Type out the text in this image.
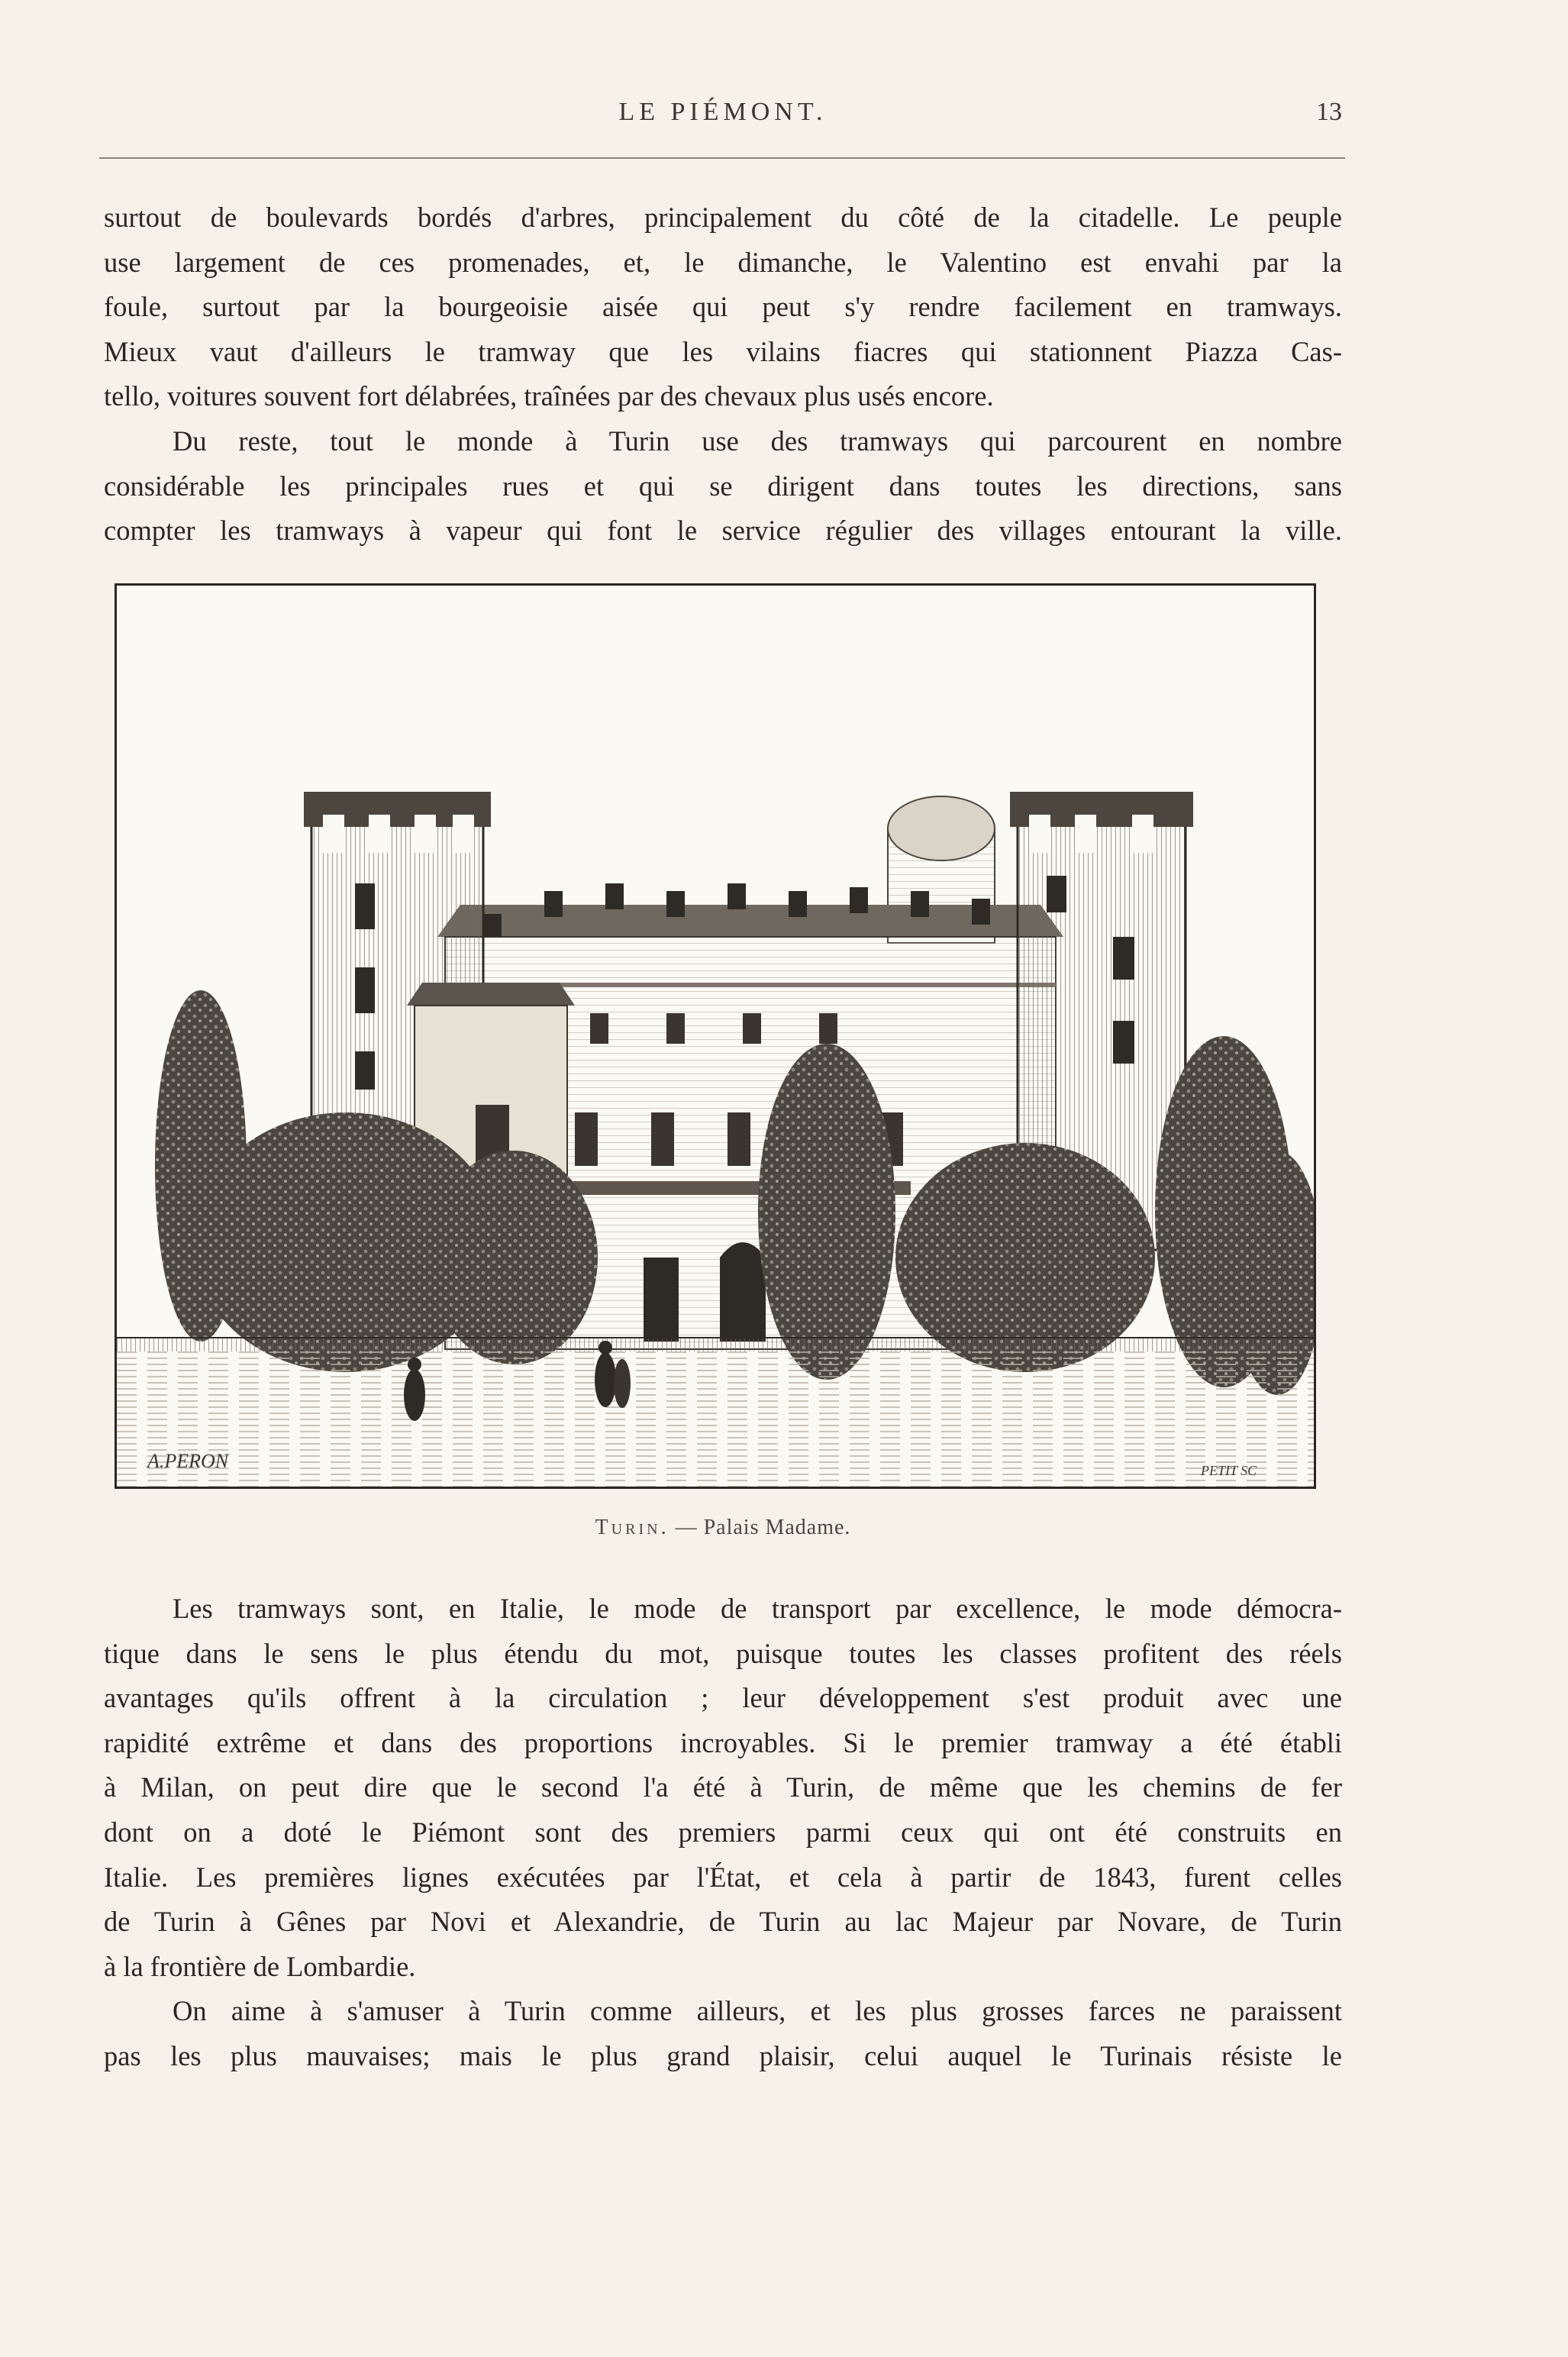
LE PIÉMONT.	13

surtout de boulevards bordés d'arbres, principalement du côté de la citadelle. Le peuple
use largement de ces promenades, et, le dimanche, le Valentino est envahi par la
foule, surtout par la bourgeoisie aisée qui peut s'y rendre facilement en tramways.
Mieux vaut d'ailleurs le tramway que les vilains fiacres qui stationnent Piazza Cas-
tello, voitures souvent fort délabrées, traînées par des chevaux plus usés encore.

Du reste, tout le monde à Turin use des tramways qui parcourent en nombre
considérable les principales rues et qui se dirigent dans toutes les directions, sans
compter les tramways à vapeur qui font le service régulier des villages entourant la ville.

A.PERON	PETIT SC
Turin. — Palais Madame.

Les tramways sont, en Italie, le mode de transport par excellence, le mode démocra-
tique dans le sens le plus étendu du mot, puisque toutes les classes profitent des réels
avantages qu'ils offrent à la circulation ; leur développement s'est produit avec une
rapidité extrême et dans des proportions incroyables. Si le premier tramway a été établi
à Milan, on peut dire que le second l'a été à Turin, de même que les chemins de fer
dont on a doté le Piémont sont des premiers parmi ceux qui ont été construits en
Italie. Les premières lignes exécutées par l'État, et cela à partir de 1843, furent celles
de Turin à Gênes par Novi et Alexandrie, de Turin au lac Majeur par Novare, de Turin
à la frontière de Lombardie.

On aime à s'amuser à Turin comme ailleurs, et les plus grosses farces ne paraissent
pas les plus mauvaises; mais le plus grand plaisir, celui auquel le Turinais résiste le
